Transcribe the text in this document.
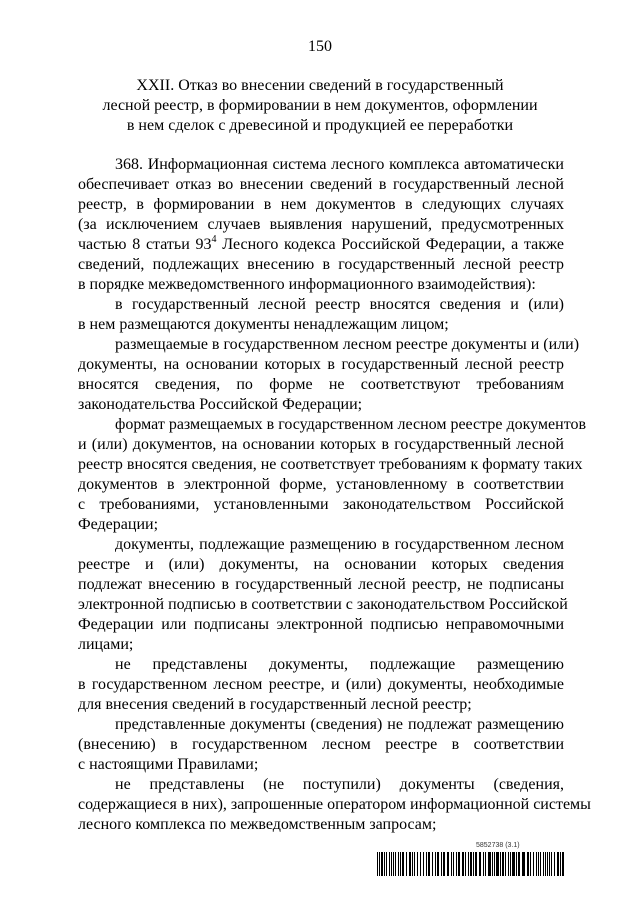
150
XXII. Отказ во внесении сведений в государственный
лесной реестр, в формировании в нем документов, оформлении
в нем сделок с древесиной и продукцией ее переработки
368. Информационная система лесного комплекса автоматически
обеспечивает отказ во внесении сведений в государственный лесной
реестр, в формировании в нем документов в следующих случаях
(за исключением случаев выявления нарушений, предусмотренных
частью 8 статьи $93^4$ Лесного кодекса Российской Федерации, а также
сведений, подлежащих внесению в государственный лесной реестр
в порядке межведомственного информационного взаимодействия):
в государственный лесной реестр вносятся сведения и (или)
в нем размещаются документы ненадлежащим лицом;
размещаемые в государственном лесном реестре документы и (или)
документы, на основании которых в государственный лесной реестр
вносятся сведения, по форме не соответствуют требованиям
законодательства Российской Федерации;
формат размещаемых в государственном лесном реестре документов
и (или) документов, на основании которых в государственный лесной
реестр вносятся сведения, не соответствует требованиям к формату таких
документов в электронной форме, установленному в соответствии
с требованиями, установленными законодательством Российской
Федерации;
документы, подлежащие размещению в государственном лесном
реестре и (или) документы, на основании которых сведения
подлежат внесению в государственный лесной реестр, не подписаны
электронной подписью в соответствии с законодательством Российской
Федерации или подписаны электронной подписью неправомочными
лицами;
не представлены документы, подлежащие размещению
в государственном лесном реестре, и (или) документы, необходимые
для внесения сведений в государственный лесной реестр;
представленные документы (сведения) не подлежат размещению
(внесению) в государственном лесном реестре в соответствии
с настоящими Правилами;
не представлены (не поступили) документы (сведения,
содержащиеся в них), запрошенные оператором информационной системы
лесного комплекса по межведомственным запросам;
5852738 (3.1)
